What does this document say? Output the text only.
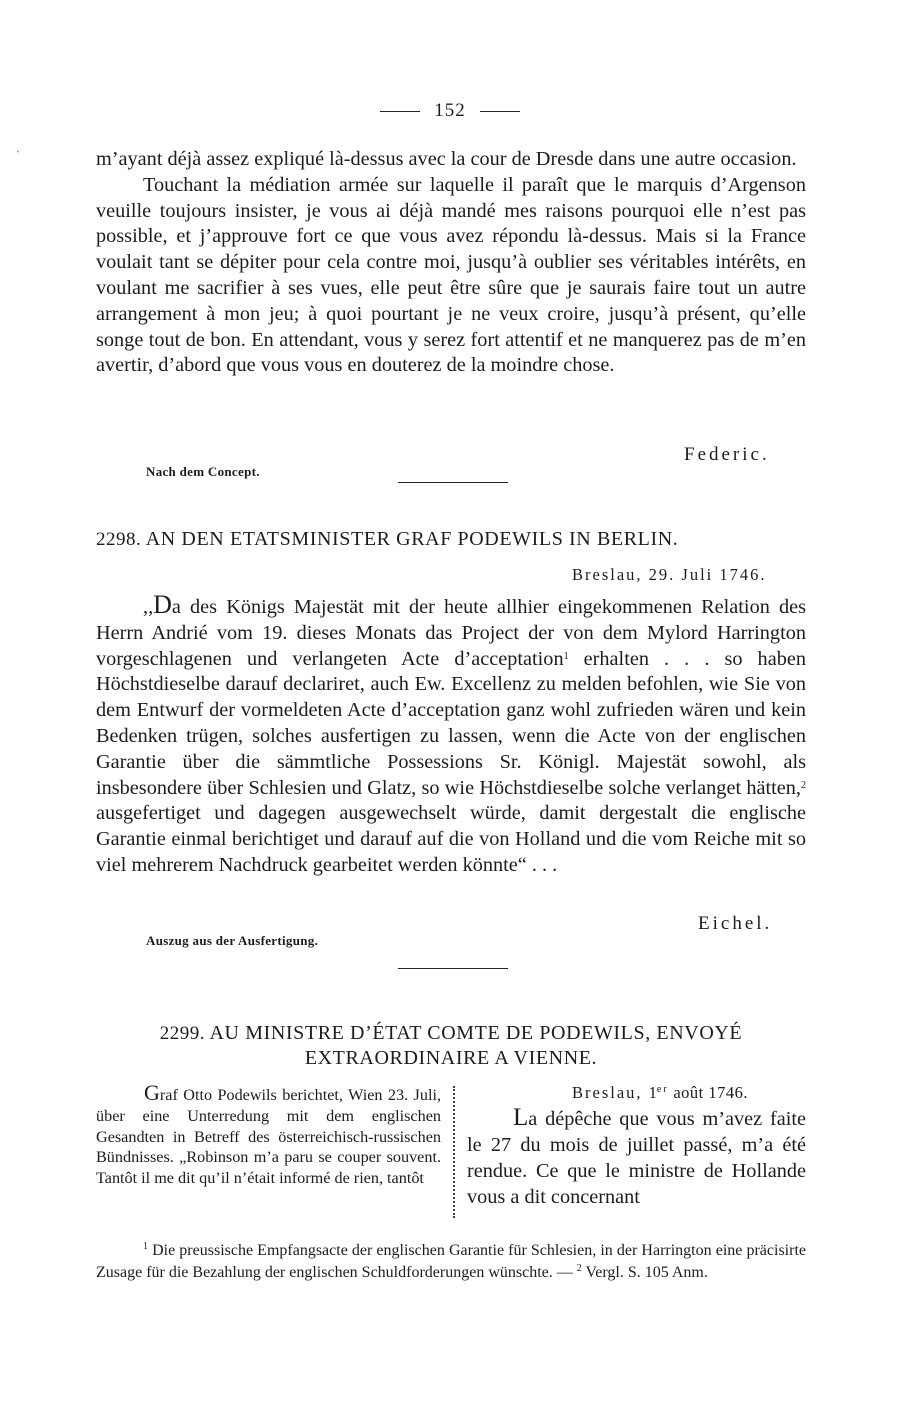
152
`	m’ayant déjà assez expliqué là-dessus avec la cour de Dresde dans une autre occasion.

Touchant la médiation armée sur laquelle il paraît que le marquis d’Argenson veuille toujours insister, je vous ai déjà mandé mes raisons pourquoi elle n’est pas possible, et j’approuve fort ce que vous avez répondu là-dessus. Mais si la France voulait tant se dépiter pour cela contre moi, jusqu’à oublier ses véritables intérêts, en voulant me sacrifier à ses vues, elle peut être sûre que je saurais faire tout un autre arrangement à mon jeu; à quoi pourtant je ne veux croire, jusqu’à présent, qu’elle songe tout de bon. En attendant, vous y serez fort attentif et ne manquerez pas de m’en avertir, d’abord que vous vous en douterez de la moindre chose.

Federic.
Nach dem Concept.
2298. AN DEN ETATSMINISTER GRAF PODEWILS IN BERLIN.
Breslau, 29. Juli 1746.

,,Da des Königs Majestät mit der heute allhier eingekommenen Relation des Herrn Andrié vom 19. dieses Monats das Project der von dem Mylord Harrington vorgeschlagenen und verlangeten Acte d’acceptation$^1$ erhalten . . . so haben Höchstdieselbe darauf declariret, auch Ew. Excellenz zu melden befohlen, wie Sie von dem Entwurf der vormeldeten Acte d’acceptation ganz wohl zufrieden wären und kein Bedenken trügen, solches ausfertigen zu lassen, wenn die Acte von der englischen Garantie über die sämmtliche Possessions Sr. Königl. Majestät sowohl, als insbesondere über Schlesien und Glatz, so wie Höchstdieselbe solche verlanget hätten,$^2$ ausgefertiget und dagegen ausgewechselt würde, damit dergestalt die englische Garantie einmal berichtiget und darauf auf die von Holland und die vom Reiche mit so viel mehrerem Nachdruck gearbeitet werden könnte“ . . .

Eichel.
Auszug aus der Ausfertigung.
2299. AU MINISTRE D’ÉTAT COMTE DE PODEWILS, ENVOYÉ
EXTRAORDINAIRE A VIENNE.
Graf Otto Podewils berichtet, Wien 23. Juli, über eine Unterredung mit dem englischen Gesandten in Betreff des österreichisch-russischen Bündnisses. „Robinson m’a paru se couper souvent. Tantôt il me dit qu’il n’était informé de rien, tantôt
Breslau, 1er août 1746.
La dépêche que vous m’avez faite le 27 du mois de juillet passé, m’a été rendue. Ce que le ministre de Hollande vous a dit concernant

$^1$ Die preussische Empfangsacte der englischen Garantie für Schlesien, in der Harrington eine präcisirte Zusage für die Bezahlung der englischen Schuldforderungen wünschte. — $^2$ Vergl. S. 105 Anm.
